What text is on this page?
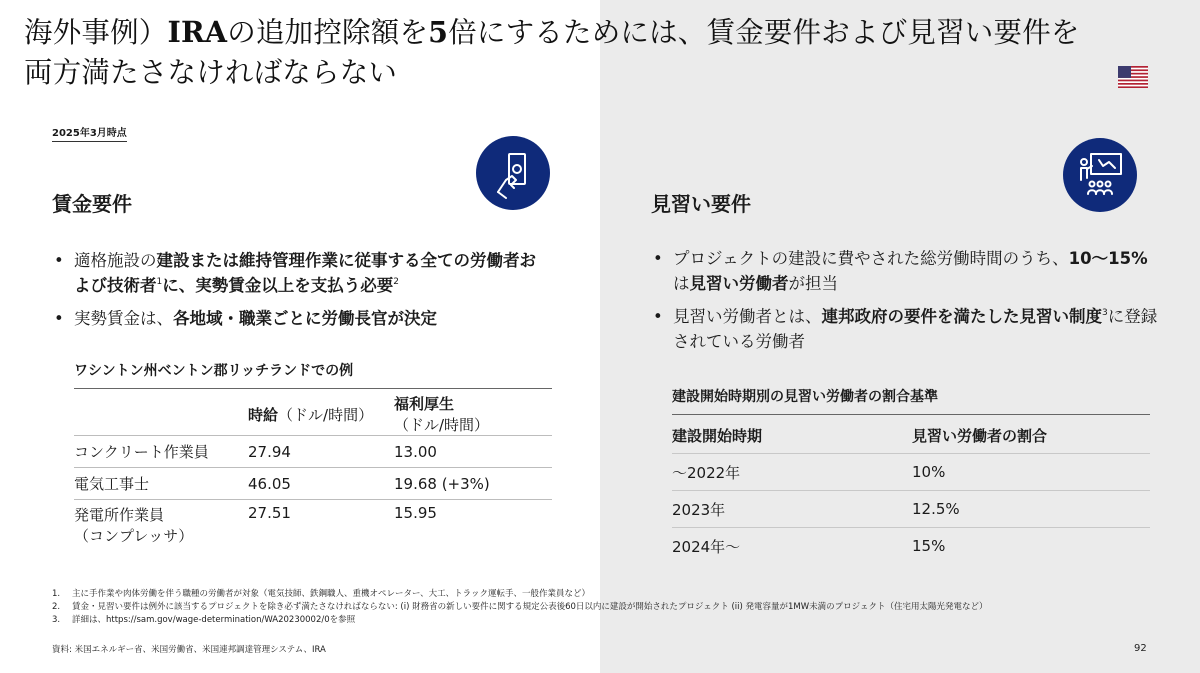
海外事例）IRAの追加控除額を5倍にするためには、賃金要件および見習い要件を
両方満たさなければならない
2025年3月時点
賃金要件
• 適格施設の建設または維持管理作業に従事する全ての労働者および技術者$^1$に、実勢賃金以上を支払う必要$^2$
• 実勢賃金は、各地域・職業ごとに労働長官が決定
ワシントン州ベントン郡リッチランドでの例
	時給（ドル/時間）	福利厚生（ドル/時間）
コンクリート作業員	27.94	13.00
電気工事士	46.05	19.68 (+3%)

発電所作業員
（コンプレッサ）	27.51	15.95
見習い要件
• プロジェクトの建設に費やされた総労働時間のうち、10〜15%は見習い労働者が担当
• 見習い労働者とは、連邦政府の要件を満たした見習い制度$^3$に登録されている労働者
建設開始時期別の見習い労働者の割合基準
建設開始時期	見習い労働者の割合
〜2022年	10%
2023年	12.5%
2024年〜	15%
1.	主に手作業や肉体労働を伴う職種の労働者が対象（電気技師、鉄鋼職人、重機オペレーター、大工、トラック運転手、一般作業員など）
2.	賃金・見習い要件は例外に該当するプロジェクトを除き必ず満たさなければならない: (i) 財務省の新しい要件に関する規定公表後60日以内に建設が開始されたプロジェクト (ii) 発電容量が1MW未満のプロジェクト（住宅用太陽光発電など）
3.	詳細は、https://sam.gov/wage-determination/WA20230002/0を参照
資料: 米国エネルギー省、米国労働省、米国連邦調達管理システム、IRA	92
